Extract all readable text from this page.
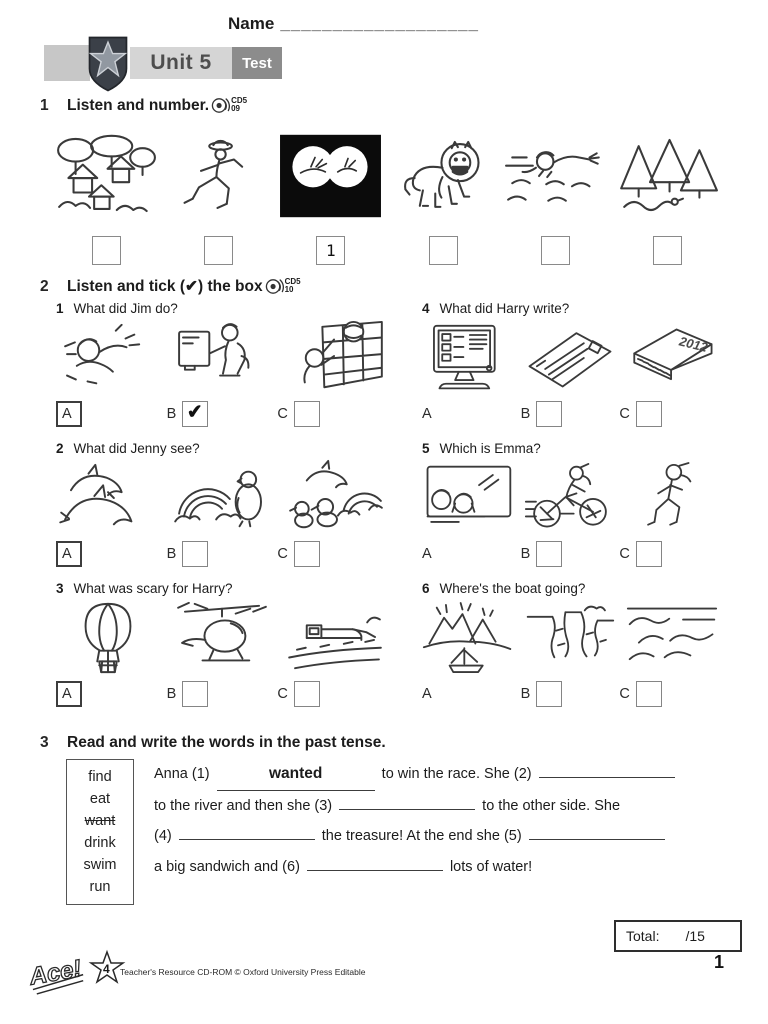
Name ___________________
Unit 5	Test
1	Listen and number.	CD5
09
1
2	Listen and tick (✔) the box	CD5
10
1 What did Jim do?
A	B ✔	C
2 What did Jenny see?
A	B	C
3 What was scary for Harry?
A	B	C
4 What did Harry write?
2012
A	B	C
5 Which is Emma?
A	B	C
6 Where's the boat going?
A	B	C
3	Read and write the words in the past tense.
find
eat
want
drink
swim
run
Anna (1)	wanted	to win the race. She (2)
to the river and then she (3)	to the other side. She
(4)	the treasure! At the end she (5)
a big sandwich and (6)	lots of water!
Total: /15
Ace! 4 Teacher's Resource CD-ROM © Oxford University Press Editable	1
